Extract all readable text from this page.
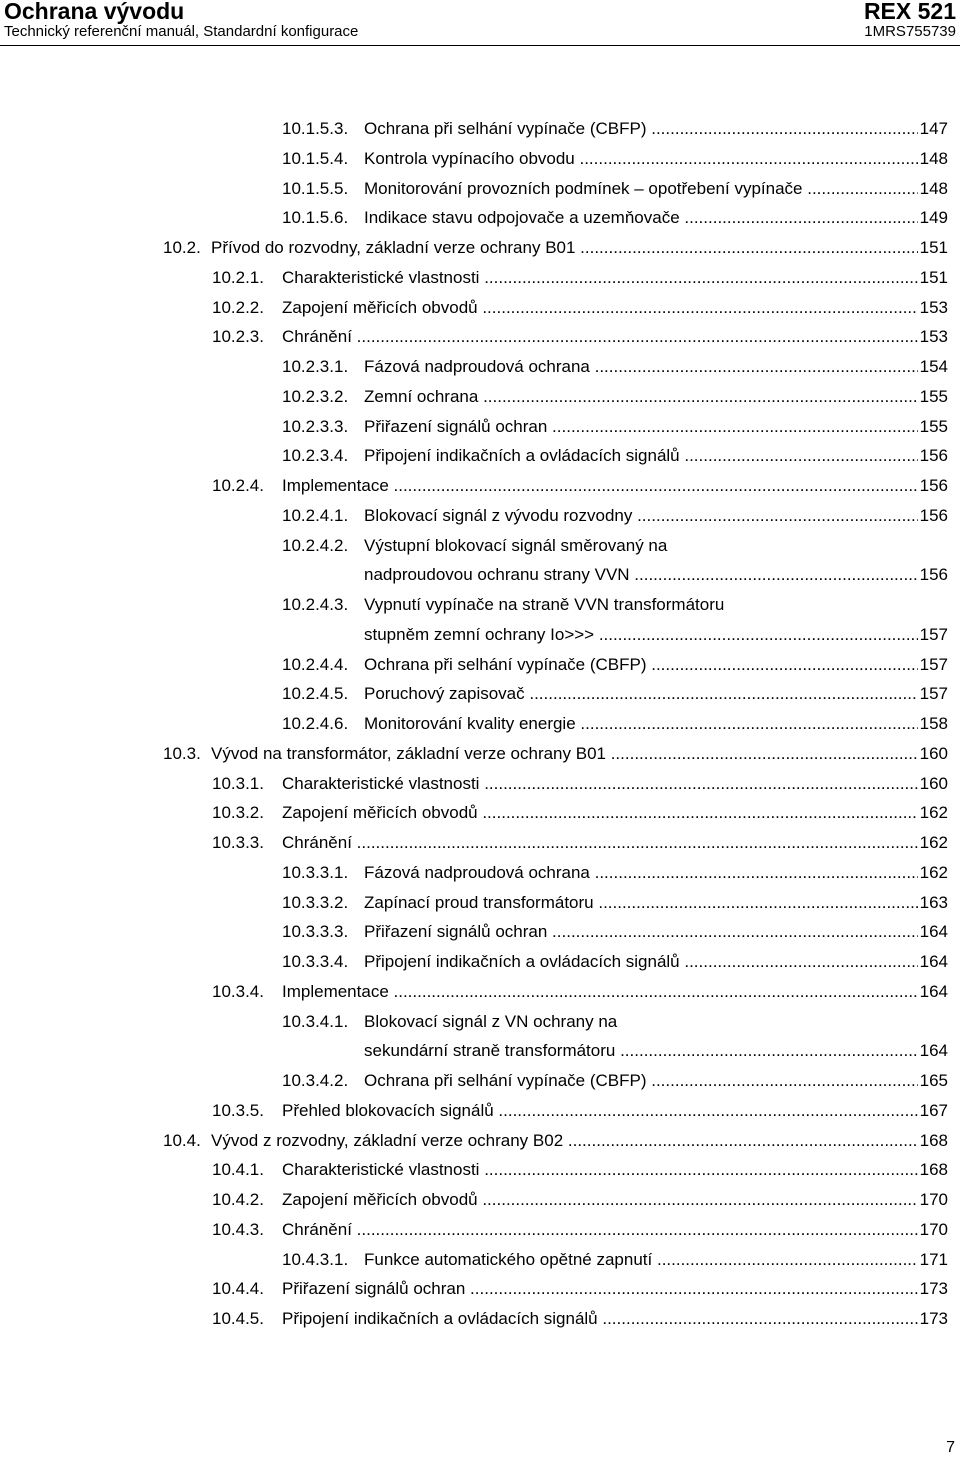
Ochrana vývodu
Technický referenční manuál, Standardní konfigurace
REX 521
1MRS755739
10.1.5.3. Ochrana při selhání vypínače (CBFP) .....	147
10.1.5.4. Kontrola vypínacího obvodu .....	148
10.1.5.5. Monitorování provozních podmínek – opotřebení vypínače .....	148
10.1.5.6. Indikace stavu odpojovače a uzemňovače .....	149
10.2. Přívod do rozvodny, základní verze ochrany B01 .....	151
10.2.1. Charakteristické vlastnosti .....	151
10.2.2. Zapojení měřicích obvodů .....	153
10.2.3. Chránění .....	153
10.2.3.1. Fázová nadproudová ochrana .....	154
10.2.3.2. Zemní ochrana .....	155
10.2.3.3. Přiřazení signálů ochran .....	155
10.2.3.4. Připojení indikačních a ovládacích signálů .....	156
10.2.4. Implementace .....	156
10.2.4.1. Blokovací signál z vývodu rozvodny .....	156
10.2.4.2. Výstupní blokovací signál směrovaný na
nadproudovou ochranu strany VVN .....	156
10.2.4.3. Vypnutí vypínače na straně VVN transformátoru
stupněm zemní ochrany Io>>> .....	157
10.2.4.4. Ochrana při selhání vypínače (CBFP) .....	157
10.2.4.5. Poruchový zapisovač .....	157
10.2.4.6. Monitorování kvality energie .....	158
10.3. Vývod na transformátor, základní verze ochrany B01 .....	160
10.3.1. Charakteristické vlastnosti .....	160
10.3.2. Zapojení měřicích obvodů .....	162
10.3.3. Chránění .....	162
10.3.3.1. Fázová nadproudová ochrana .....	162
10.3.3.2. Zapínací proud transformátoru .....	163
10.3.3.3. Přiřazení signálů ochran .....	164
10.3.3.4. Připojení indikačních a ovládacích signálů .....	164
10.3.4. Implementace .....	164
10.3.4.1. Blokovací signál z VN ochrany na
sekundární straně transformátoru .....	164
10.3.4.2. Ochrana při selhání vypínače (CBFP) .....	165
10.3.5. Přehled blokovacích signálů .....	167
10.4. Vývod z rozvodny, základní verze ochrany B02 .....	168
10.4.1. Charakteristické vlastnosti .....	168
10.4.2. Zapojení měřicích obvodů .....	170
10.4.3. Chránění .....	170
10.4.3.1. Funkce automatického opětné zapnutí .....	171
10.4.4. Přiřazení signálů ochran .....	173
10.4.5. Připojení indikačních a ovládacích signálů .....	173
7
